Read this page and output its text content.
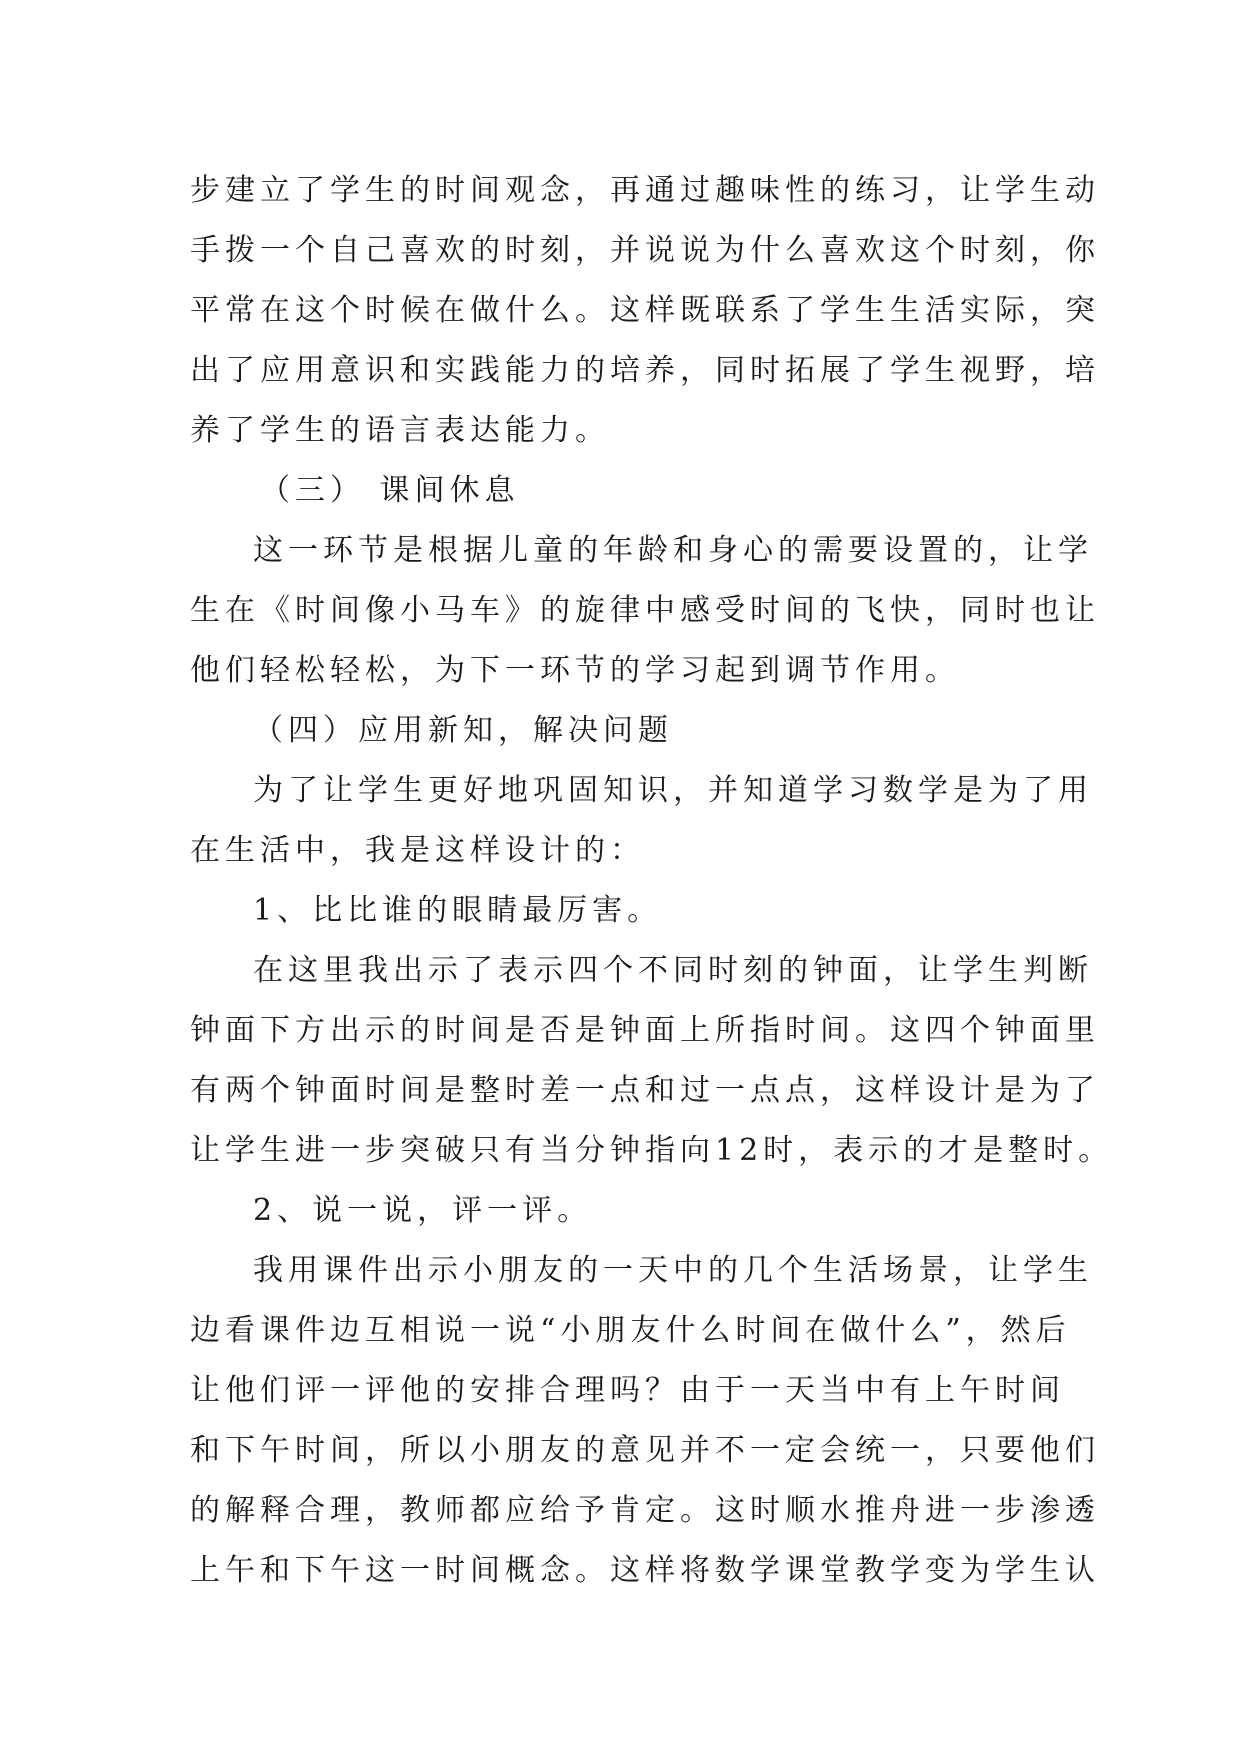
步建立了学生的时间观念，再通过趣味性的练习，让学生动
手拨一个自己喜欢的时刻，并说说为什么喜欢这个时刻，你
平常在这个时候在做什么。这样既联系了学生生活实际，突
出了应用意识和实践能力的培养，同时拓展了学生视野，培
养了学生的语言表达能力。
（三） 课间休息
这一环节是根据儿童的年龄和身心的需要设置的，让学
生在《时间像小马车》的旋律中感受时间的飞快，同时也让
他们轻松轻松，为下一环节的学习起到调节作用。
（四）应用新知，解决问题
为了让学生更好地巩固知识，并知道学习数学是为了用
在生活中，我是这样设计的：
1、比比谁的眼睛最厉害。
在这里我出示了表示四个不同时刻的钟面，让学生判断
钟面下方出示的时间是否是钟面上所指时间。这四个钟面里
有两个钟面时间是整时差一点和过一点点，这样设计是为了
让学生进一步突破只有当分钟指向12时，表示的才是整时。
2、说一说，评一评。
我用课件出示小朋友的一天中的几个生活场景，让学生
边看课件边互相说一说“小朋友什么时间在做什么”，然后
让他们评一评他的安排合理吗？由于一天当中有上午时间
和下午时间，所以小朋友的意见并不一定会统一，只要他们
的解释合理，教师都应给予肯定。这时顺水推舟进一步渗透
上午和下午这一时间概念。这样将数学课堂教学变为学生认
